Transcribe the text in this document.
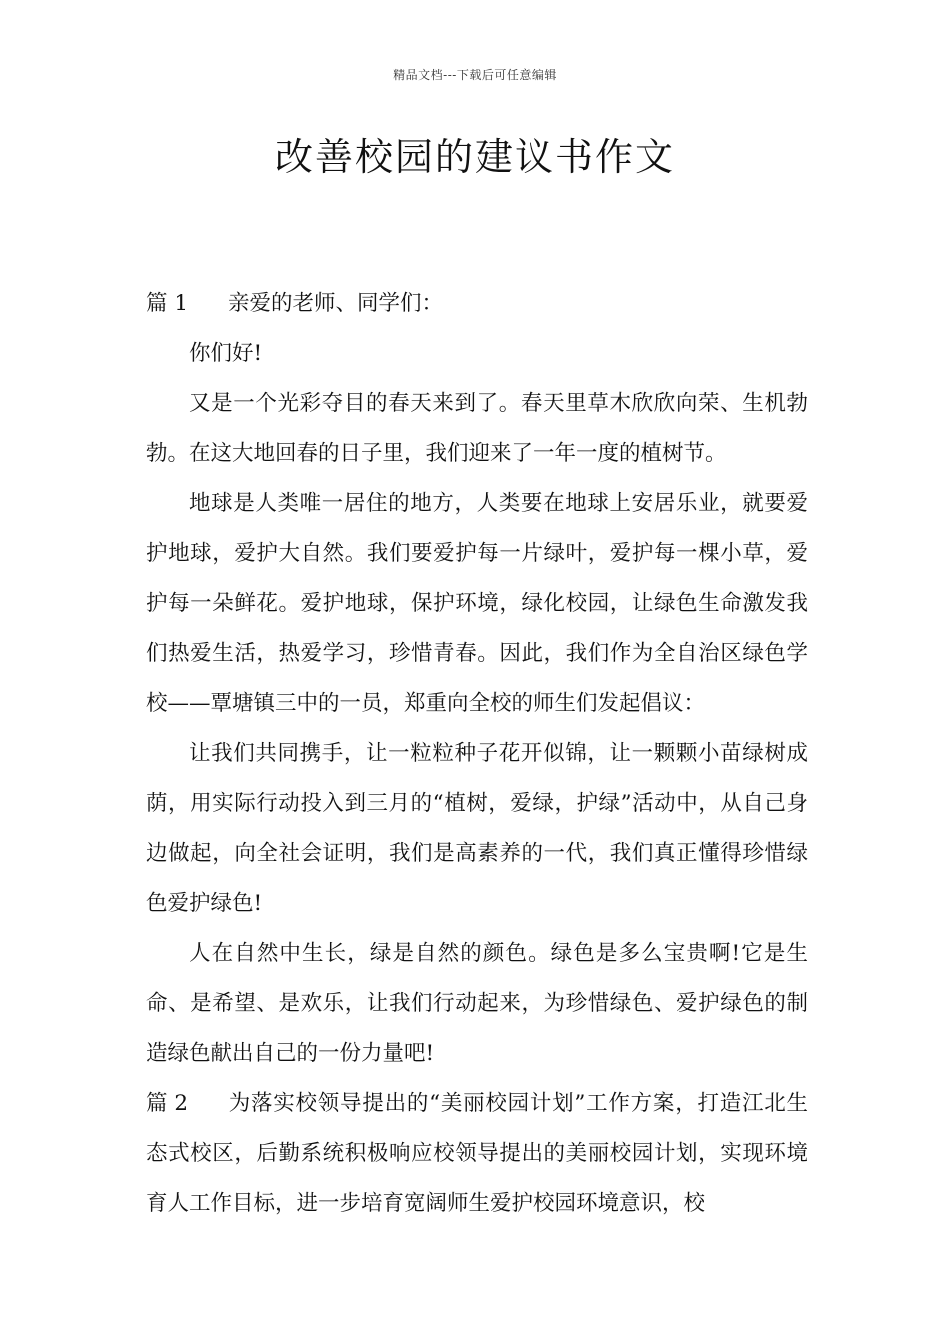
精品文档---下载后可任意编辑
改善校园的建议书作文

篇 1 亲爱的老师、同学们：

你们好!

又是一个光彩夺目的春天来到了。春天里草木欣欣向荣、生机勃勃。在这大地回春的日子里，我们迎来了一年一度的植树节。

地球是人类唯一居住的地方，人类要在地球上安居乐业，就要爱护地球，爱护大自然。我们要爱护每一片绿叶，爱护每一棵小草，爱护每一朵鲜花。爱护地球，保护环境，绿化校园，让绿色生命激发我们热爱生活，热爱学习，珍惜青春。因此，我们作为全自治区绿色学校——覃塘镇三中的一员，郑重向全校的师生们发起倡议：

让我们共同携手，让一粒粒种子花开似锦，让一颗颗小苗绿树成荫，用实际行动投入到三月的“植树，爱绿，护绿”活动中，从自己身边做起，向全社会证明，我们是高素养的一代，我们真正懂得珍惜绿色爱护绿色!

人在自然中生长，绿是自然的颜色。绿色是多么宝贵啊!它是生命、是希望、是欢乐，让我们行动起来，为珍惜绿色、爱护绿色的制造绿色献出自己的一份力量吧!

篇 2 为落实校领导提出的“美丽校园计划”工作方案，打造江北生态式校区，后勤系统积极响应校领导提出的美丽校园计划，实现环境育人工作目标，进一步培育宽阔师生爱护校园环境意识，校
